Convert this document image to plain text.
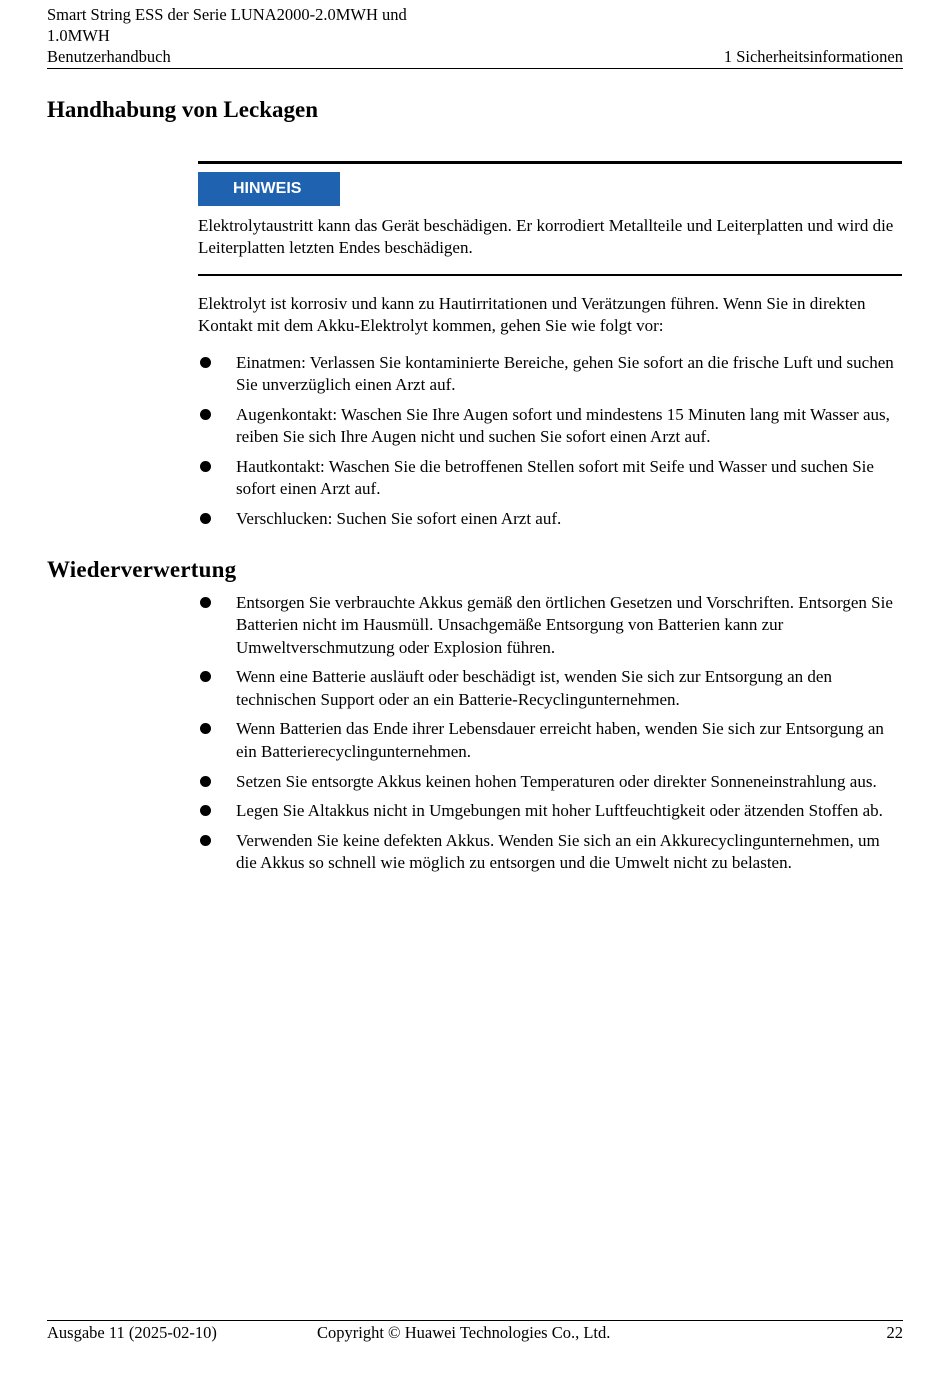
Smart String ESS der Serie LUNA2000-2.0MWH und
1.0MWH
Benutzerhandbuch	1 Sicherheitsinformationen
Handhabung von Leckagen
HINWEIS
Elektrolytaustritt kann das Gerät beschädigen. Er korrodiert Metallteile und Leiterplatten und wird die Leiterplatten letzten Endes beschädigen.
Elektrolyt ist korrosiv und kann zu Hautirritationen und Verätzungen führen. Wenn Sie in direkten Kontakt mit dem Akku-Elektrolyt kommen, gehen Sie wie folgt vor:
Einatmen: Verlassen Sie kontaminierte Bereiche, gehen Sie sofort an die frische Luft und suchen Sie unverzüglich einen Arzt auf.
Augenkontakt: Waschen Sie Ihre Augen sofort und mindestens 15 Minuten lang mit Wasser aus, reiben Sie sich Ihre Augen nicht und suchen Sie sofort einen Arzt auf.
Hautkontakt: Waschen Sie die betroffenen Stellen sofort mit Seife und Wasser und suchen Sie sofort einen Arzt auf.
Verschlucken: Suchen Sie sofort einen Arzt auf.
Wiederverwertung
Entsorgen Sie verbrauchte Akkus gemäß den örtlichen Gesetzen und Vorschriften. Entsorgen Sie Batterien nicht im Hausmüll. Unsachgemäße Entsorgung von Batterien kann zur Umweltverschmutzung oder Explosion führen.
Wenn eine Batterie ausläuft oder beschädigt ist, wenden Sie sich zur Entsorgung an den technischen Support oder an ein Batterie-Recyclingunternehmen.
Wenn Batterien das Ende ihrer Lebensdauer erreicht haben, wenden Sie sich zur Entsorgung an ein Batterierecyclingunternehmen.
Setzen Sie entsorgte Akkus keinen hohen Temperaturen oder direkter Sonneneinstrahlung aus.
Legen Sie Altakkus nicht in Umgebungen mit hoher Luftfeuchtigkeit oder ätzenden Stoffen ab.
Verwenden Sie keine defekten Akkus. Wenden Sie sich an ein Akkurecyclingunternehmen, um die Akkus so schnell wie möglich zu entsorgen und die Umwelt nicht zu belasten.
Ausgabe 11 (2025-02-10)	Copyright © Huawei Technologies Co., Ltd.	22
